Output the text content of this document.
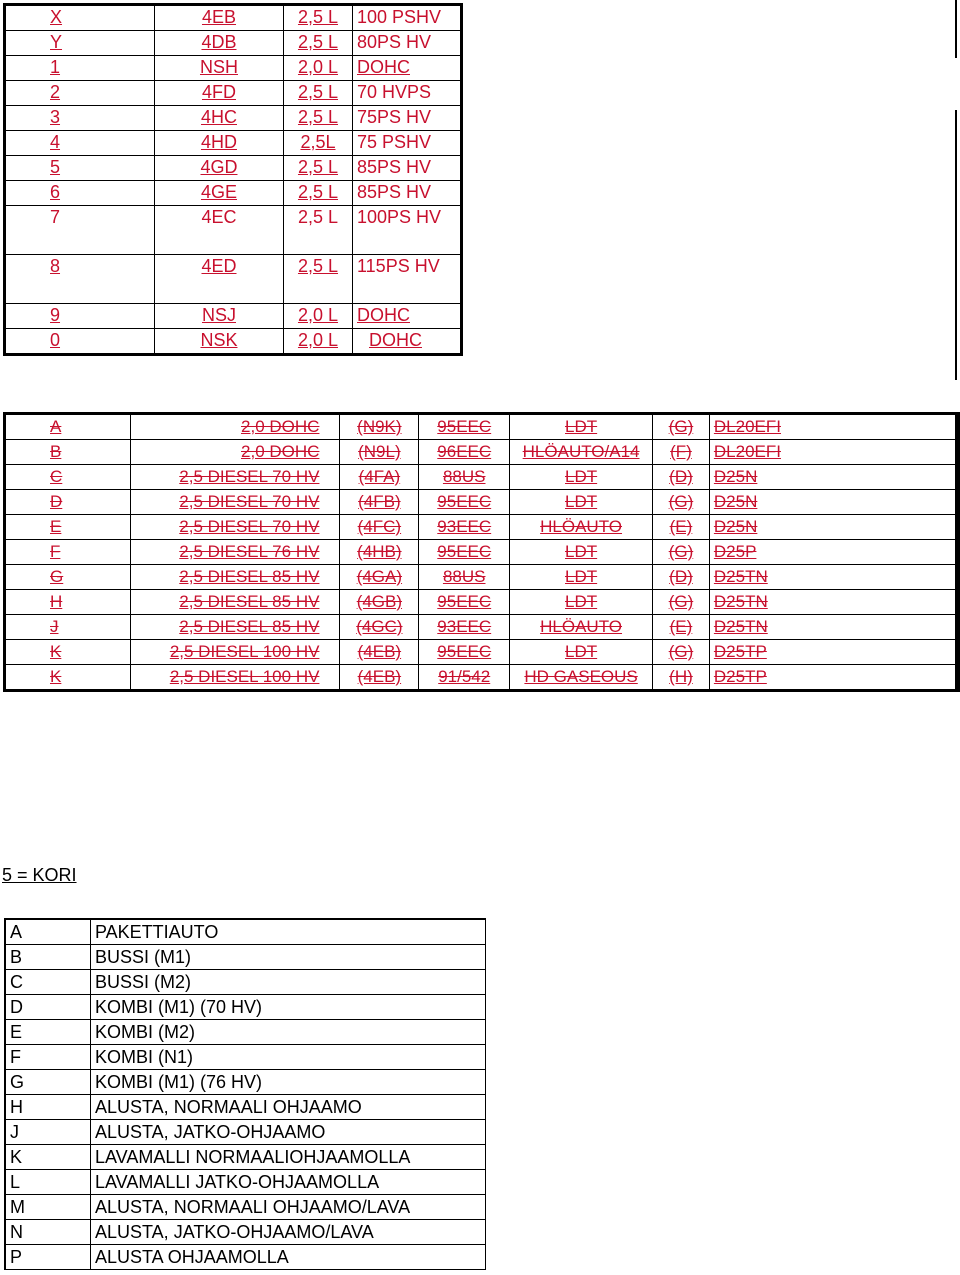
X	4EB	2,5 L	100 PSHV
Y	4DB	2,5 L	80PS HV
1	NSH	2,0 L	DOHC
2	4FD	2,5 L	70 HVPS
3	4HC	2,5 L	75PS HV
4	4HD	2,5L	75 PSHV
5	4GD	2,5 L	85PS HV
6	4GE	2,5 L	85PS HV
7	4EC	2,5 L	100PS HV
8	4ED	2,5 L	115PS HV
9	NSJ	2,0 L	DOHC
0	NSK	2,0 L	DOHC
A	2,0 DOHC	(N9K)	95EEC	LDT	(G)	DL20EFI
B	2,0 DOHC	(N9L)	96EEC	HLÖAUTO/A14	(F)	DL20EFI
C	2,5 DIESEL 70 HV	(4FA)	88US	LDT	(D)	D25N
D	2,5 DIESEL 70 HV	(4FB)	95EEC	LDT	(G)	D25N
E	2,5 DIESEL 70 HV	(4FC)	93EEC	HLÖAUTO	(E)	D25N
F	2,5 DIESEL 76 HV	(4HB)	95EEC	LDT	(G)	D25P
G	2,5 DIESEL 85 HV	(4GA)	88US	LDT	(D)	D25TN
H	2,5 DIESEL 85 HV	(4GB)	95EEC	LDT	(G)	D25TN
J	2,5 DIESEL 85 HV	(4GC)	93EEC	HLÖAUTO	(E)	D25TN
K	2,5 DIESEL 100 HV	(4EB)	95EEC	LDT	(G)	D25TP
K	2,5 DIESEL 100 HV	(4EB)	91/542	HD GASEOUS	(H)	D25TP
5 = KORI
A	PAKETTIAUTO
B	BUSSI (M1)
C	BUSSI (M2)
D	KOMBI (M1) (70 HV)
E	KOMBI (M2)
F	KOMBI (N1)
G	KOMBI (M1) (76 HV)
H	ALUSTA, NORMAALI OHJAAMO
J	ALUSTA, JATKO-OHJAAMO
K	LAVAMALLI NORMAALIOHJAAMOLLA
L	LAVAMALLI JATKO-OHJAAMOLLA
M	ALUSTA, NORMAALI OHJAAMO/LAVA
N	ALUSTA, JATKO-OHJAAMO/LAVA
P	ALUSTA OHJAAMOLLA
